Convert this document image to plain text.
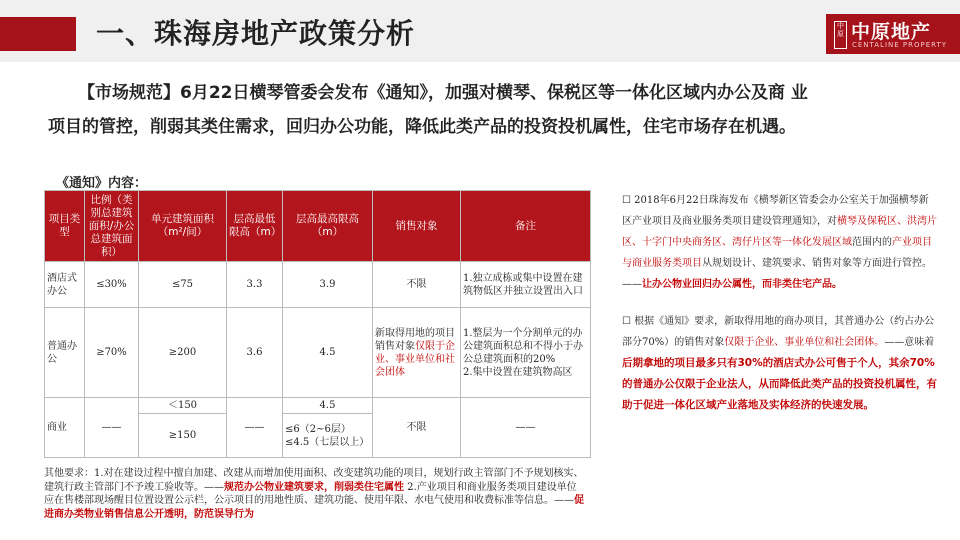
一、珠海房地产政策分析	中原 中原地产
CENTALINE PROPERTY

【市场规范】6月22日横琴管委会发布《通知》，加强对横琴、保税区等一体化区域内办公及商 业

项目的管控，削弱其类住需求，回归办公功能，降低此类产品的投资投机属性，住宅市场存在机遇。

《通知》内容：
项目类型	比例（类别总建筑面积/办公总建筑面积）	单元建筑面积（m²/间）	层高最低限高（m）	层高最高限高（m）	销售对象	备注
酒店式办公	≤30%	≤75	3.3	3.9	不限	1.独立成栋或集中设置在建筑物低区并独立设置出入口
普通办公	≥70%	≥200	3.6	4.5	新取得用地的项目销售对象仅限于企业、事业单位和社会团体	1.整层为一个分割单元的办公建筑面积总和不得小于办公总建筑面积的20%
2.集中设置在建筑物高区
商业	——	＜150	——	4.5	不限	——
		≥150		≤6（2~6层）
≤4.5（七层以上）		
其他要求：1.对在建设过程中擅自加建、改建从而增加使用面积、改变建筑功能的项目，规划行政主管部门不予规划核实、建筑行政主管部门不予竣工验收等。——规范办公物业建筑要求，削弱类住宅属性 2.产业项目和商业服务类项目建设单位应在售楼部现场醒目位置设置公示栏，公示项目的用地性质、建筑功能、使用年限、水电气使用和收费标准等信息。——促进商办类物业销售信息公开透明，防范误导行为

☐ 2018年6月22日珠海发布《横琴新区管委会办公室关于加强横琴新区产业项目及商业服务类项目建设管理通知》，对横琴及保税区、洪湾片区、十字门中央商务区、湾仔片区等一体化发展区域范围内的产业项目与商业服务类项目从规划设计、建筑要求、销售对象等方面进行管控。——让办公物业回归办公属性，而非类住宅产品。

☐ 根据《通知》要求，新取得用地的商办项目，其普通办公（约占办公部分70%）的销售对象仅限于企业、事业单位和社会团体。——意味着后期拿地的项目最多只有30%的酒店式办公可售于个人，其余70%的普通办公仅限于企业法人，从而降低此类产品的投资投机属性，有助于促进一体化区域产业落地及实体经济的快速发展。
